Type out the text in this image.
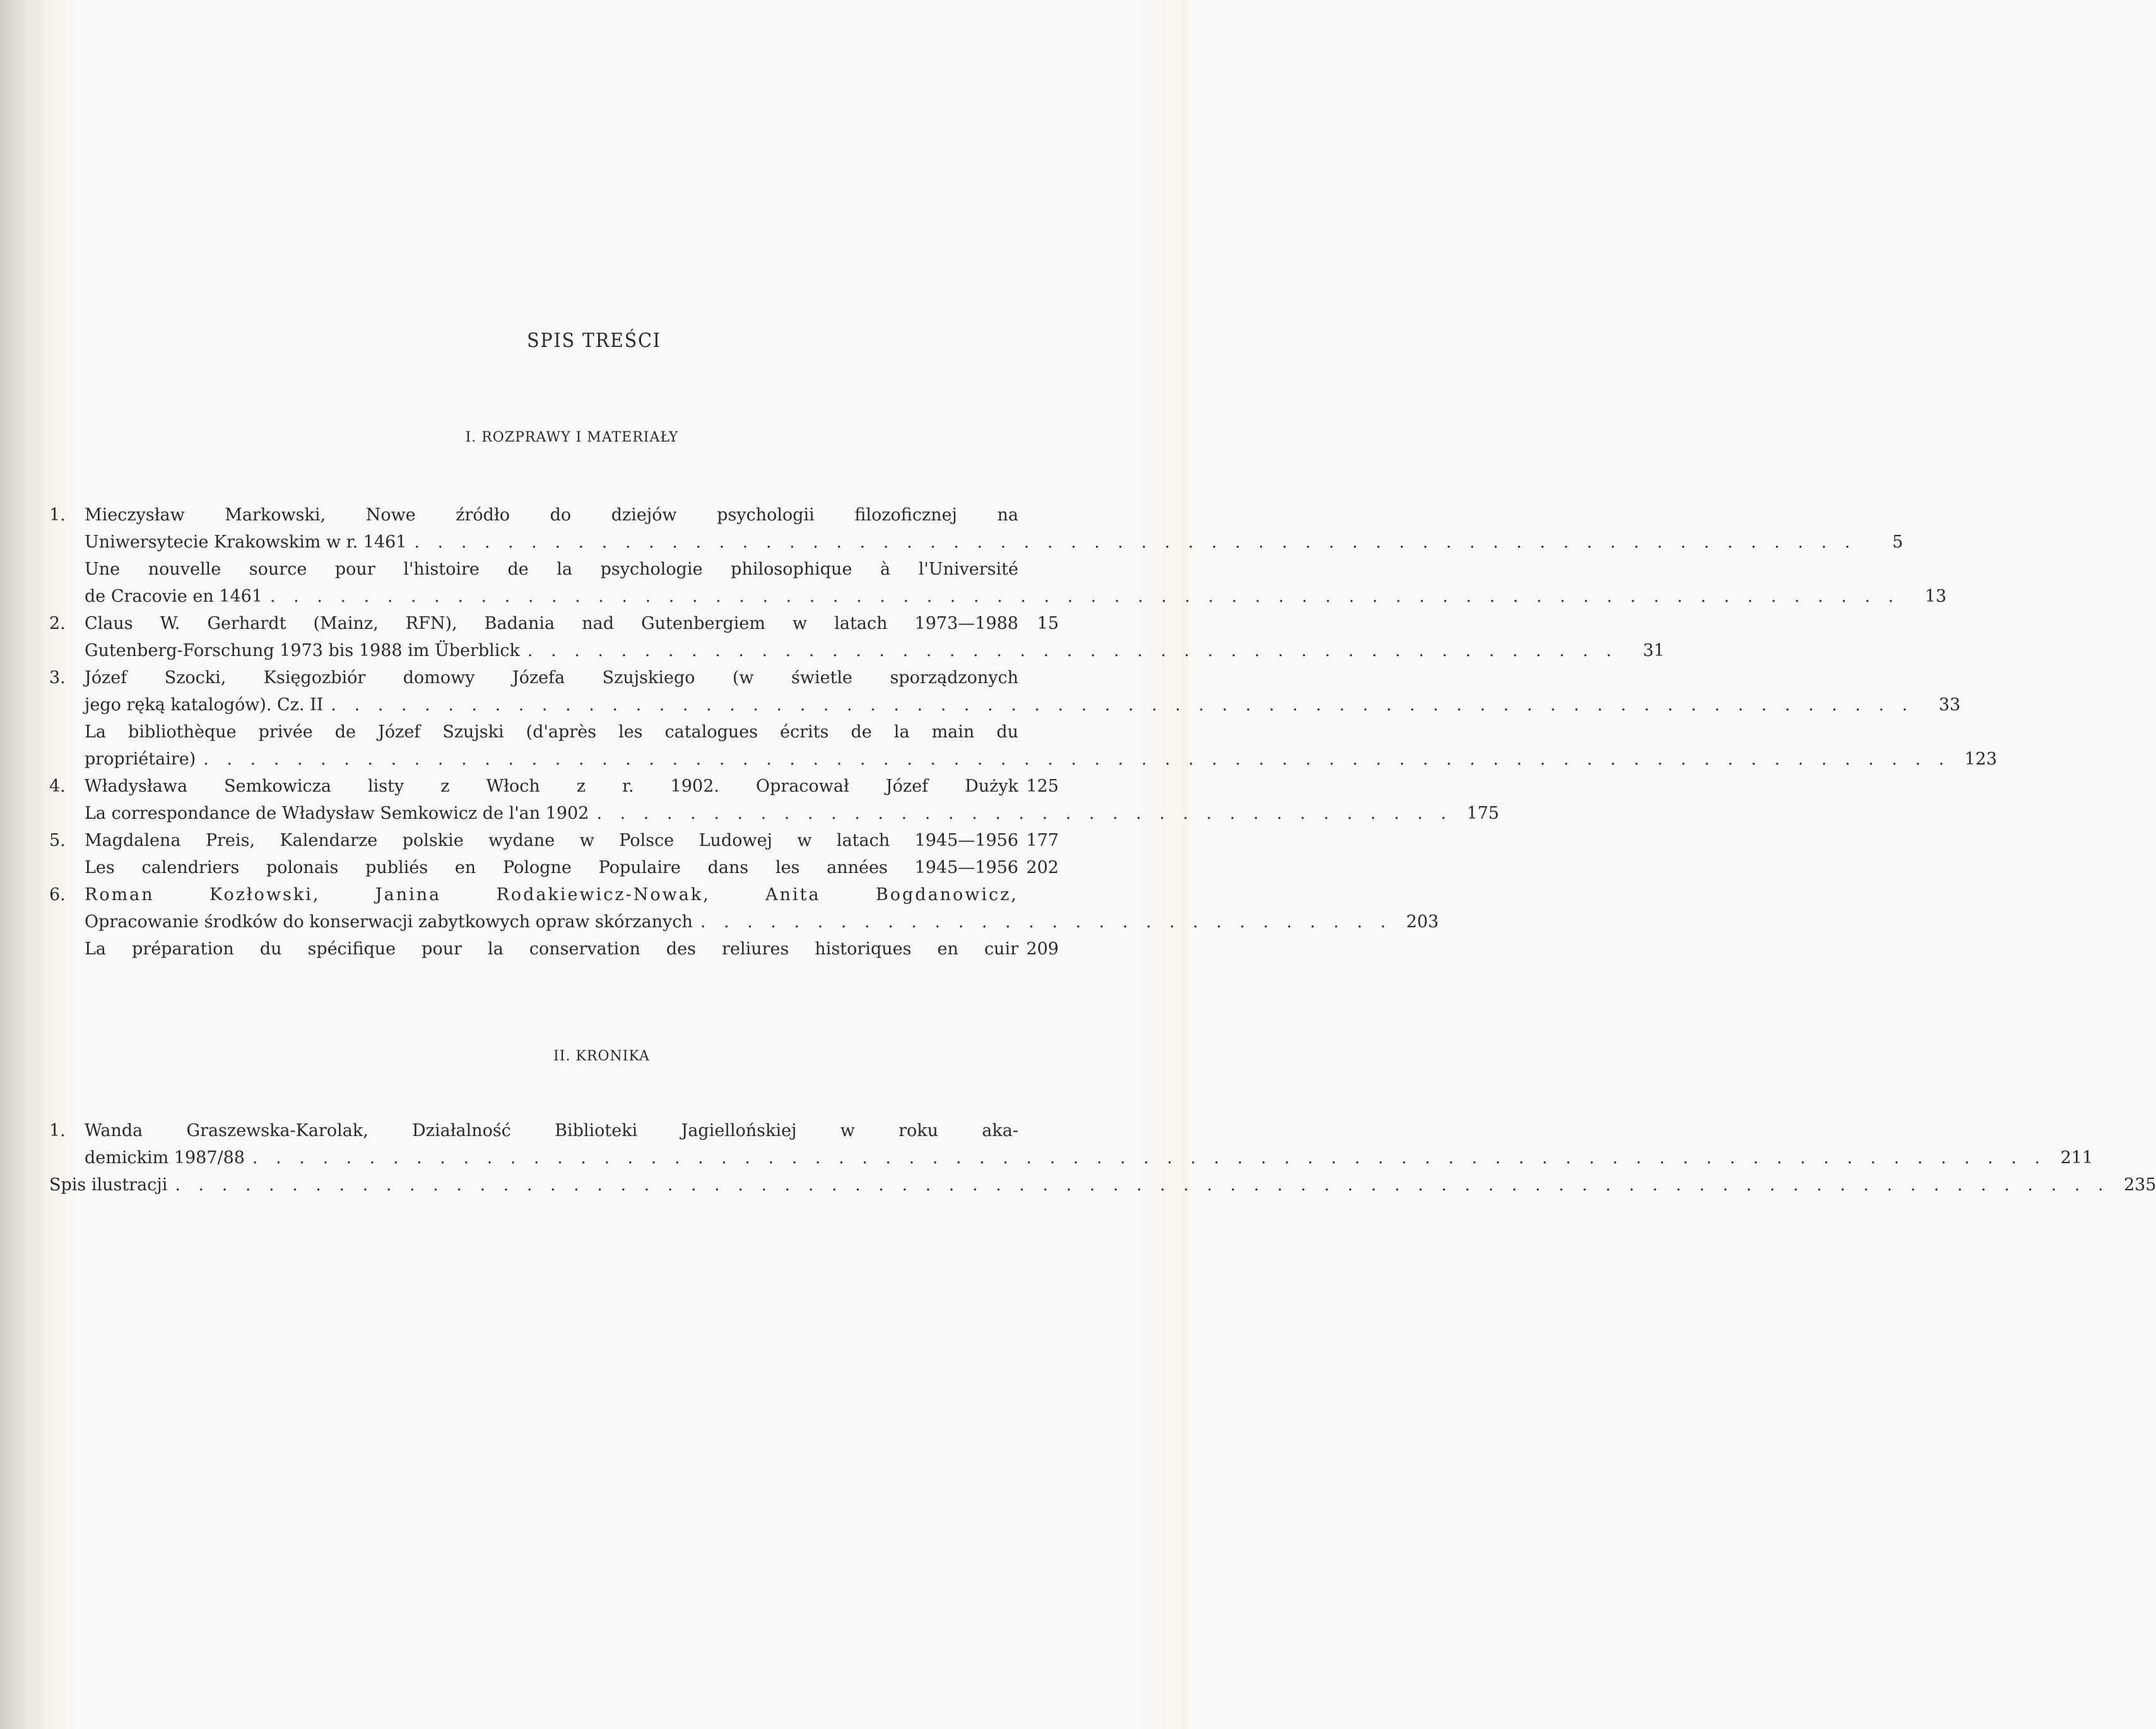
SPIS TREŚCI
I. ROZPRAWY I MATERIAŁY
1.	Mieczysław Markowski, Nowe źródło do dziejów psychologii filozoficznej na
Uniwersytecie Krakowskim w r. 1461 . . . . . . . . . . . . . . . . . . . . . . . . . . . . . . . . . . . . . . . . . . . . . . . . . . . . . . . . . . . . . .	5
Une nouvelle source pour l'histoire de la psychologie philosophique à l'Université
de Cracovie en 1461 . . . . . . . . . . . . . . . . . . . . . . . . . . . . . . . . . . . . . . . . . . . . . . . . . . . . . . . . . . . . . . . . . . . . . .	13
2.	Claus W. Gerhardt (Mainz, RFN), Badania nad Gutenbergiem w latach 1973—1988	15
Gutenberg-Forschung 1973 bis 1988 im Überblick . . . . . . . . . . . . . . . . . . . . . . . . . . . . . . . . . . . . . . . . . . . . . . .	31
3.	Józef Szocki, Księgozbiór domowy Józefa Szujskiego (w świetle sporządzonych
jego ręką katalogów). Cz. II . . . . . . . . . . . . . . . . . . . . . . . . . . . . . . . . . . . . . . . . . . . . . . . . . . . . . . . . . . . . . . . . . . . .	33
La bibliothèque privée de Józef Szujski (d'après les catalogues écrits de la main du
propriétaire) . . . . . . . . . . . . . . . . . . . . . . . . . . . . . . . . . . . . . . . . . . . . . . . . . . . . . . . . . . . . . . . . . . . . . . . . . . . 123
4.	Władysława Semkowicza listy z Włoch z r. 1902. Opracował Józef Dużyk 125
La correspondance de Władysław Semkowicz de l'an 1902 . . . . . . . . . . . . . . . . . . . . . . . . . . . . . . . . . . . . . 175
5.	Magdalena Preis, Kalendarze polskie wydane w Polsce Ludowej w latach 1945—1956 177
Les calendriers polonais publiés en Pologne Populaire dans les années 1945—1956 202
6.	Roman Kozłowski, Janina Rodakiewicz-Nowak, Anita Bogdanowicz,
Opracowanie środków do konserwacji zabytkowych opraw skórzanych . . . . . . . . . . . . . . . . . . . . . . . . . . . . . . 203
La préparation du spécifique pour la conservation des reliures historiques en cuir 209
II. KRONIKA
1.	Wanda Graszewska-Karolak, Działalność Biblioteki Jagiellońskiej w roku aka-
demickim 1987/88 . . . . . . . . . . . . . . . . . . . . . . . . . . . . . . . . . . . . . . . . . . . . . . . . . . . . . . . . . . . . . . . . . . . . . . . . . . . . . 211
Spis ilustracji . . . . . . . . . . . . . . . . . . . . . . . . . . . . . . . . . . . . . . . . . . . . . . . . . . . . . . . . . . . . . . . . . . . . . . . . . . . . . . . . . . . 235
